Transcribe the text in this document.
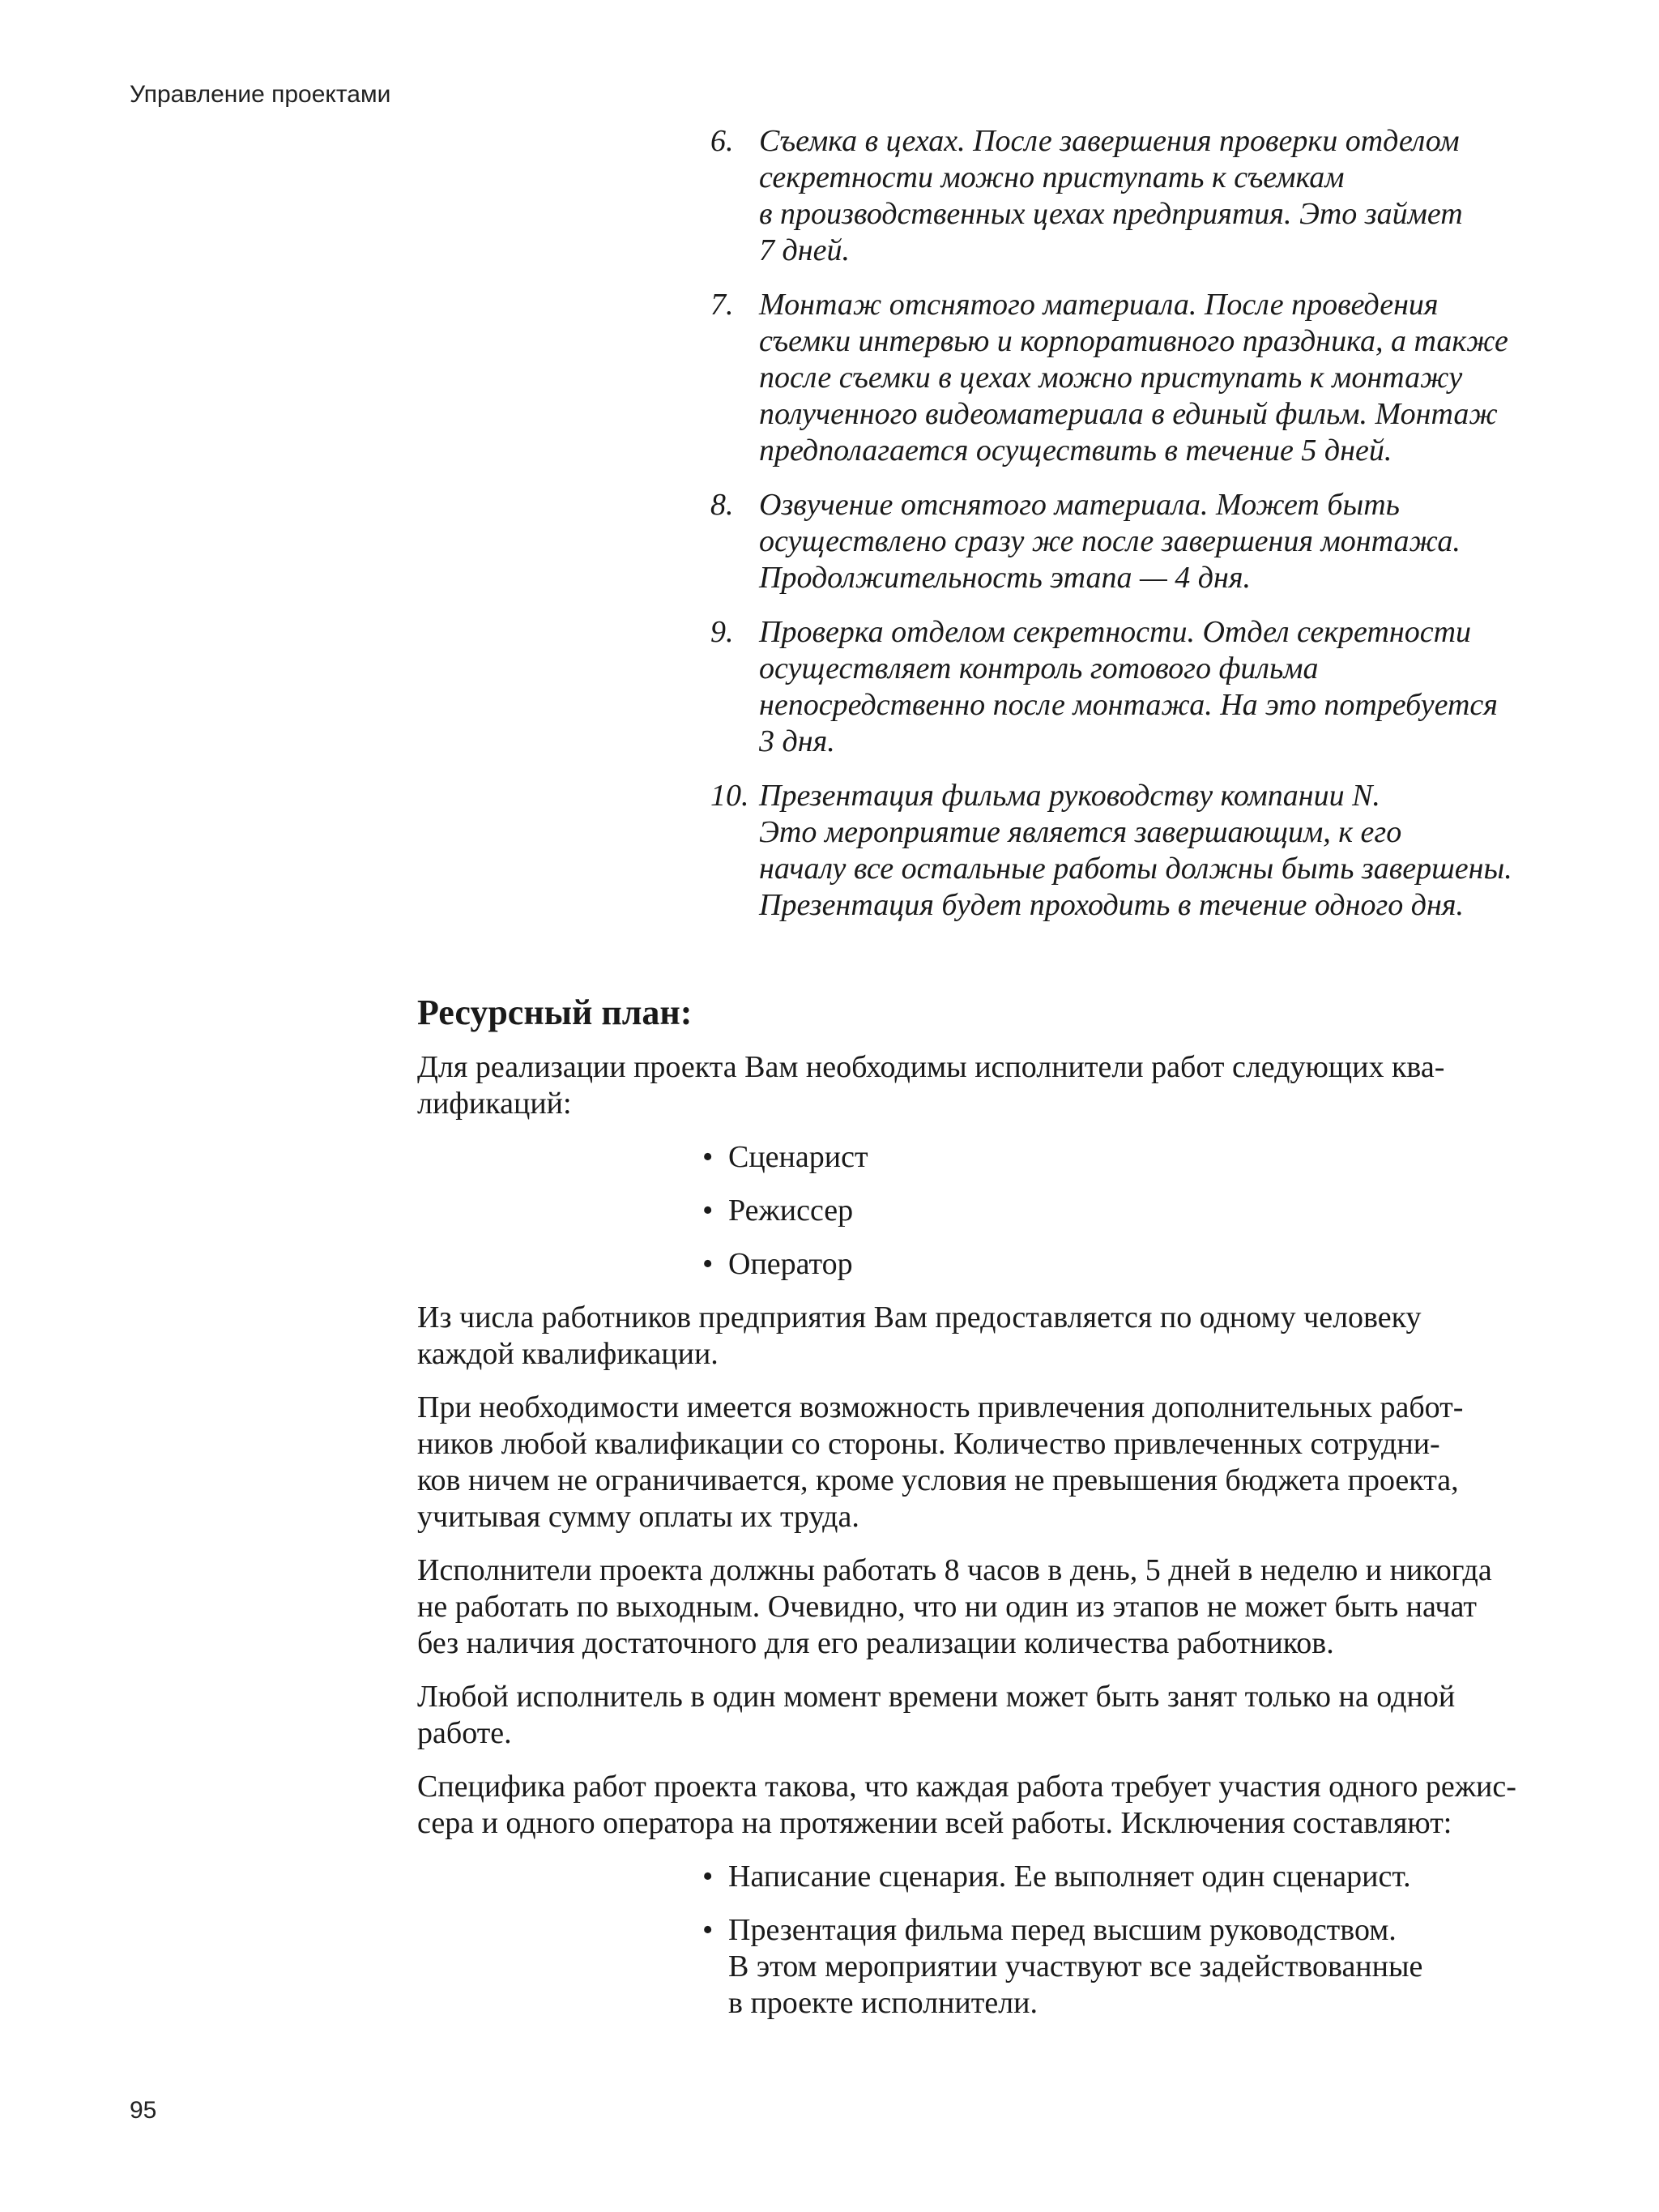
Управление проектами
6. Съемка в цехах. После завершения проверки отделом
секретности можно приступать к съемкам
в производственных цехах предприятия. Это займет
7 дней.
7. Монтаж отснятого материала. После проведения
съемки интервью и корпоративного праздника, а также
после съемки в цехах можно приступать к монтажу
полученного видеоматериала в единый фильм. Монтаж
предполагается осуществить в течение 5 дней.
8. Озвучение отснятого материала. Может быть
осуществлено сразу же после завершения монтажа.
Продолжительность этапа — 4 дня.
9. Проверка отделом секретности. Отдел секретности
осуществляет контроль готового фильма
непосредственно после монтажа. На это потребуется
3 дня.
10. Презентация фильма руководству компании N.
Это мероприятие является завершающим, к его
началу все остальные работы должны быть завершены.
Презентация будет проходить в течение одного дня.
Ресурсный план:

Для реализации проекта Вам необходимы исполнители работ следующих ква-
лификаций:

• Сценарист
• Режиссер
• Оператор

Из числа работников предприятия Вам предоставляется по одному человеку
каждой квалификации.

При необходимости имеется возможность привлечения дополнительных работ-
ников любой квалификации со стороны. Количество привлеченных сотрудни-
ков ничем не ограничивается, кроме условия не превышения бюджета проекта,
учитывая сумму оплаты их труда.

Исполнители проекта должны работать 8 часов в день, 5 дней в неделю и никогда
не работать по выходным. Очевидно, что ни один из этапов не может быть начат
без наличия достаточного для его реализации количества работников.

Любой исполнитель в один момент времени может быть занят только на одной
работе.

Специфика работ проекта такова, что каждая работа требует участия одного режис-
сера и одного оператора на протяжении всей работы. Исключения составляют:

• Написание сценария. Ее выполняет один сценарист.
• Презентация фильма перед высшим руководством.
В этом мероприятии участвуют все задействованные
в проекте исполнители.
95
